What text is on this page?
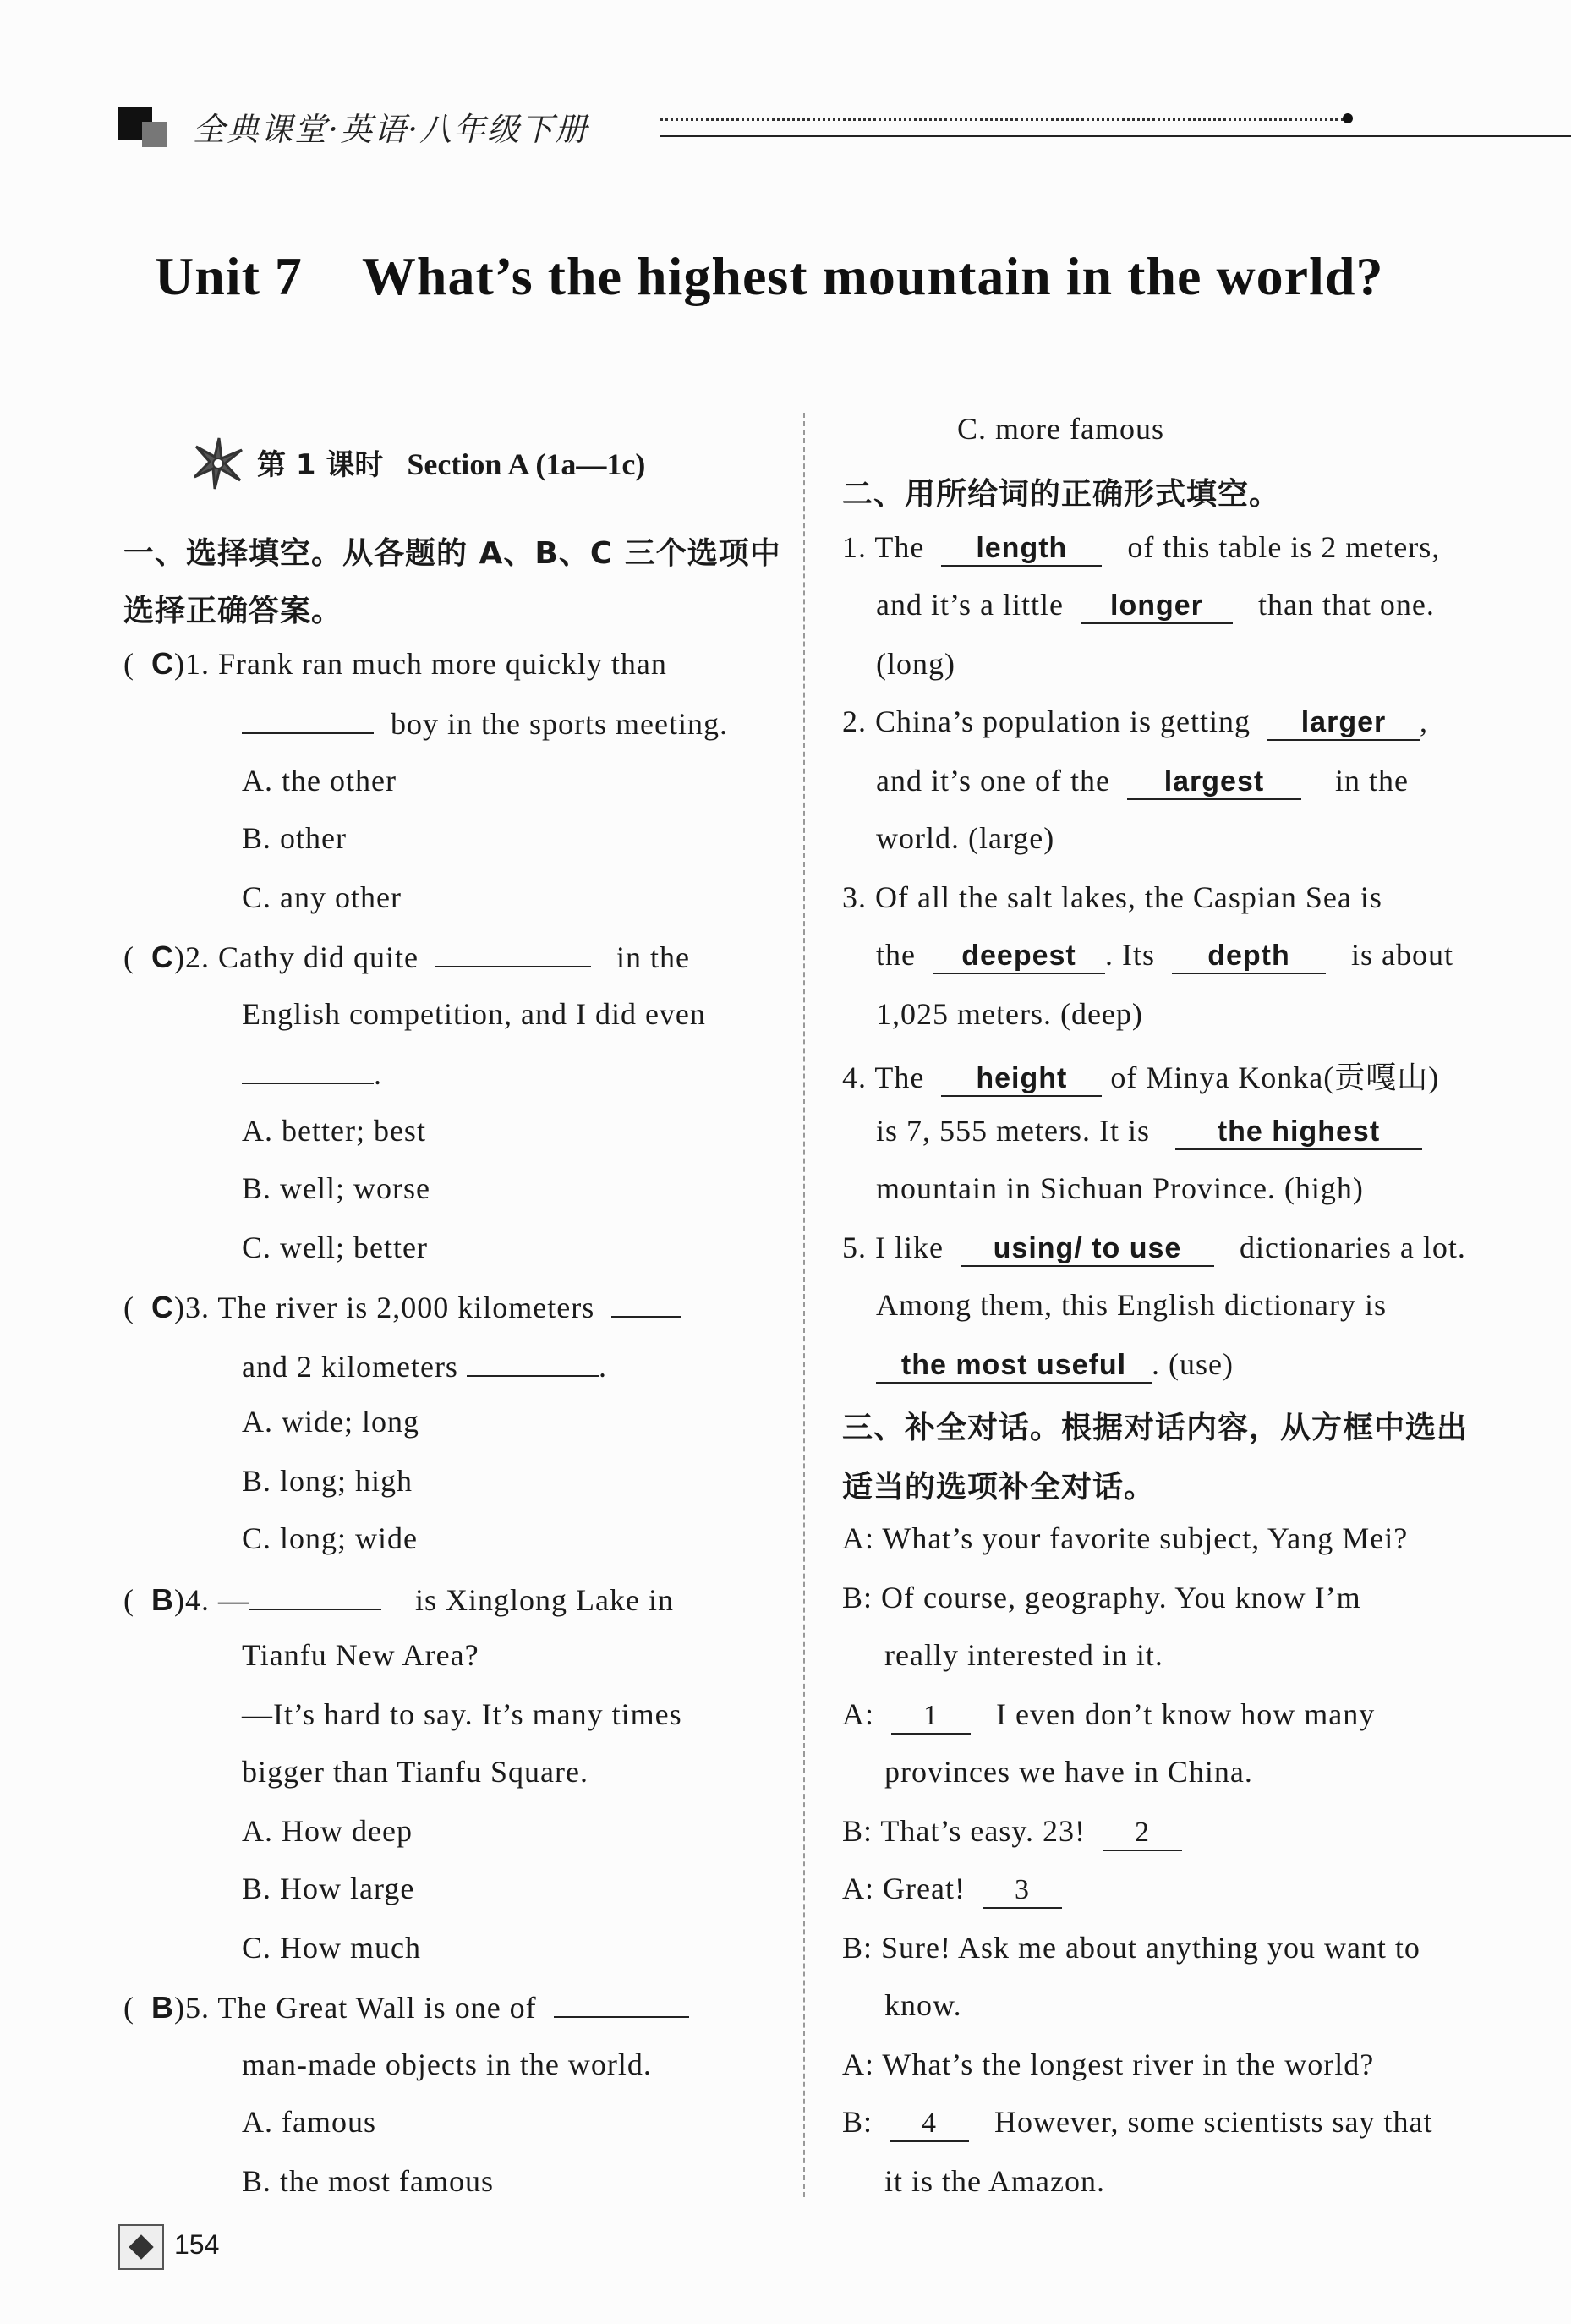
全典课堂·英语·八年级下册
Unit 7 What’s the highest mountain in the world?
第 1 课时 Section A (1a—1c)
一、选择填空。从各题的 A、B、C 三个选项中
选择正确答案。
(  C)1. Frank ran much more quickly than
boy in the sports meeting.
A. the other
B. other
C. any other
(  C)2. Cathy did quite	in the
English competition, and I did even
.
A. better; best
B. well; worse
C. well; better
(  C)3. The river is 2,000 kilometers
and 2 kilometers	.
A. wide; long
B. long; high
C. long; wide
(  B)4. —	is Xinglong Lake in
Tianfu New Area?
—It’s hard to say. It’s many times
bigger than Tianfu Square.
A. How deep
B. How large
C. How much
(  B)5. The Great Wall is one of
man-made objects in the world.
A. famous
B. the most famous
C. more famous
二、用所给词的正确形式填空。
1. The length of this table is 2 meters,
and it’s a little longer than that one.
(long)
2. China’s population is getting larger ,
and it’s one of the largest in the
world. (large)
3. Of all the salt lakes, the Caspian Sea is
the deepest . Its depth is about
1,025 meters. (deep)
4. The height of Minya Konka(贡嘎山)
is 7, 555 meters. It is the highest
mountain in Sichuan Province. (high)
5. I like using/ to use dictionaries a lot.
Among them, this English dictionary is
the most useful . (use)
三、补全对话。根据对话内容，从方框中选出
适当的选项补全对话。
A: What’s your favorite subject, Yang Mei?
B: Of course, geography. You know I’m
really interested in it.
A: 1 I even don’t know how many
provinces we have in China.
B: That’s easy. 23! 2
A: Great! 3
B: Sure! Ask me about anything you want to
know.
A: What’s the longest river in the world?
B: 4 However, some scientists say that
it is the Amazon.
154
